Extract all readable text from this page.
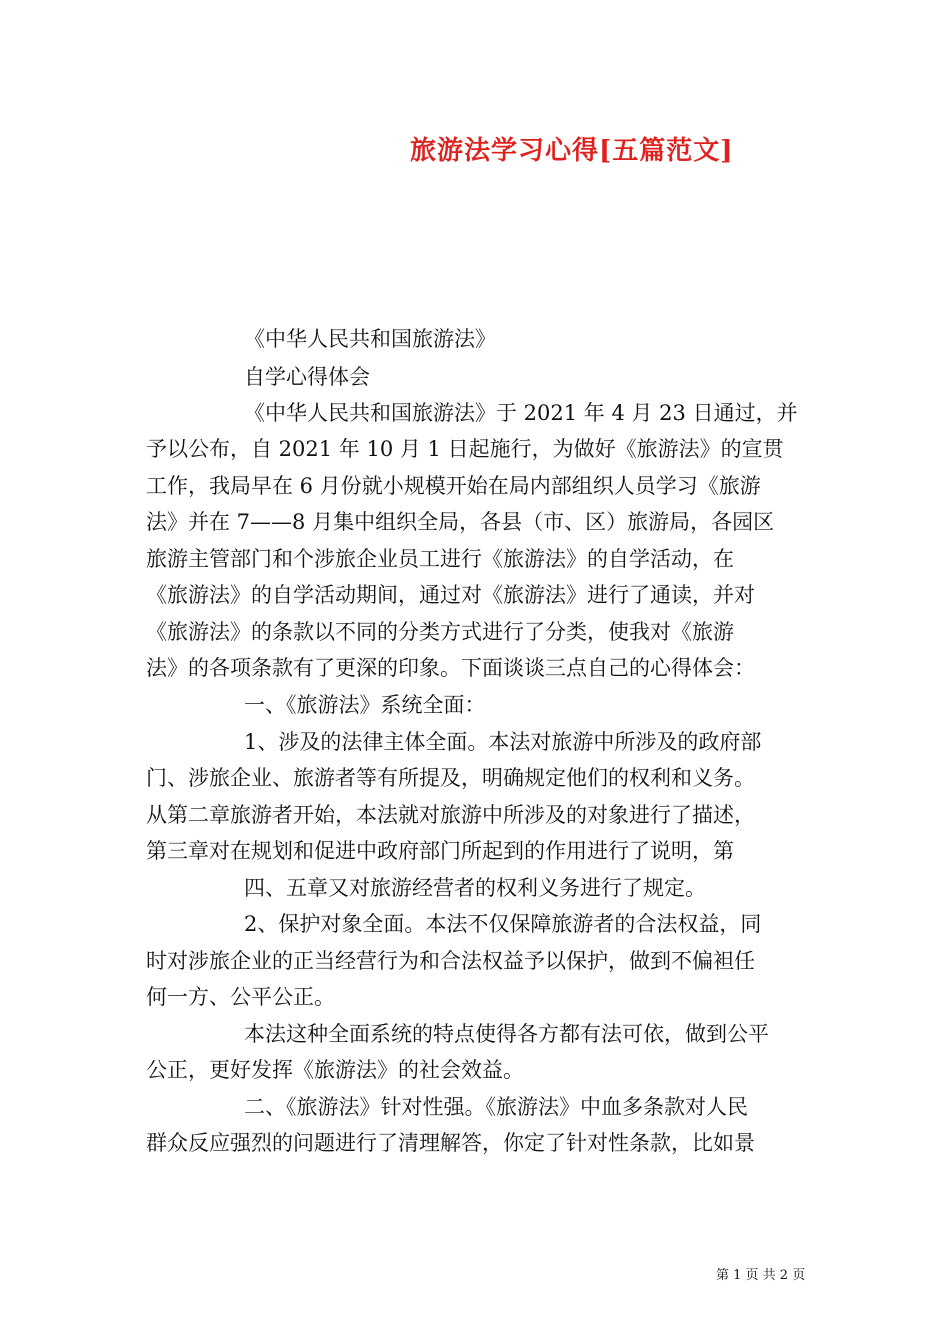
旅游法学习心得[五篇范文]
《中华人民共和国旅游法》
自学心得体会
《中华人民共和国旅游法》于 2021 年 4 月 23 日通过，并
予以公布，自 2021 年 10 月 1 日起施行，为做好《旅游法》的宣贯
工作，我局早在 6 月份就小规模开始在局内部组织人员学习《旅游
法》并在 7——8 月集中组织全局，各县（市、区）旅游局，各园区
旅游主管部门和个涉旅企业员工进行《旅游法》的自学活动，在
《旅游法》的自学活动期间，通过对《旅游法》进行了通读，并对
《旅游法》的条款以不同的分类方式进行了分类，使我对《旅游
法》的各项条款有了更深的印象。下面谈谈三点自己的心得体会：
一、《旅游法》系统全面：
1、涉及的法律主体全面。本法对旅游中所涉及的政府部
门、涉旅企业、旅游者等有所提及，明确规定他们的权利和义务。
从第二章旅游者开始，本法就对旅游中所涉及的对象进行了描述，
第三章对在规划和促进中政府部门所起到的作用进行了说明，第
四、五章又对旅游经营者的权利义务进行了规定。
2、保护对象全面。本法不仅保障旅游者的合法权益，同
时对涉旅企业的正当经营行为和合法权益予以保护，做到不偏袒任
何一方、公平公正。
本法这种全面系统的特点使得各方都有法可依，做到公平
公正，更好发挥《旅游法》的社会效益。
二、《旅游法》针对性强。《旅游法》中血多条款对人民
群众反应强烈的问题进行了清理解答，你定了针对性条款，比如景
第 1 页 共 2 页
